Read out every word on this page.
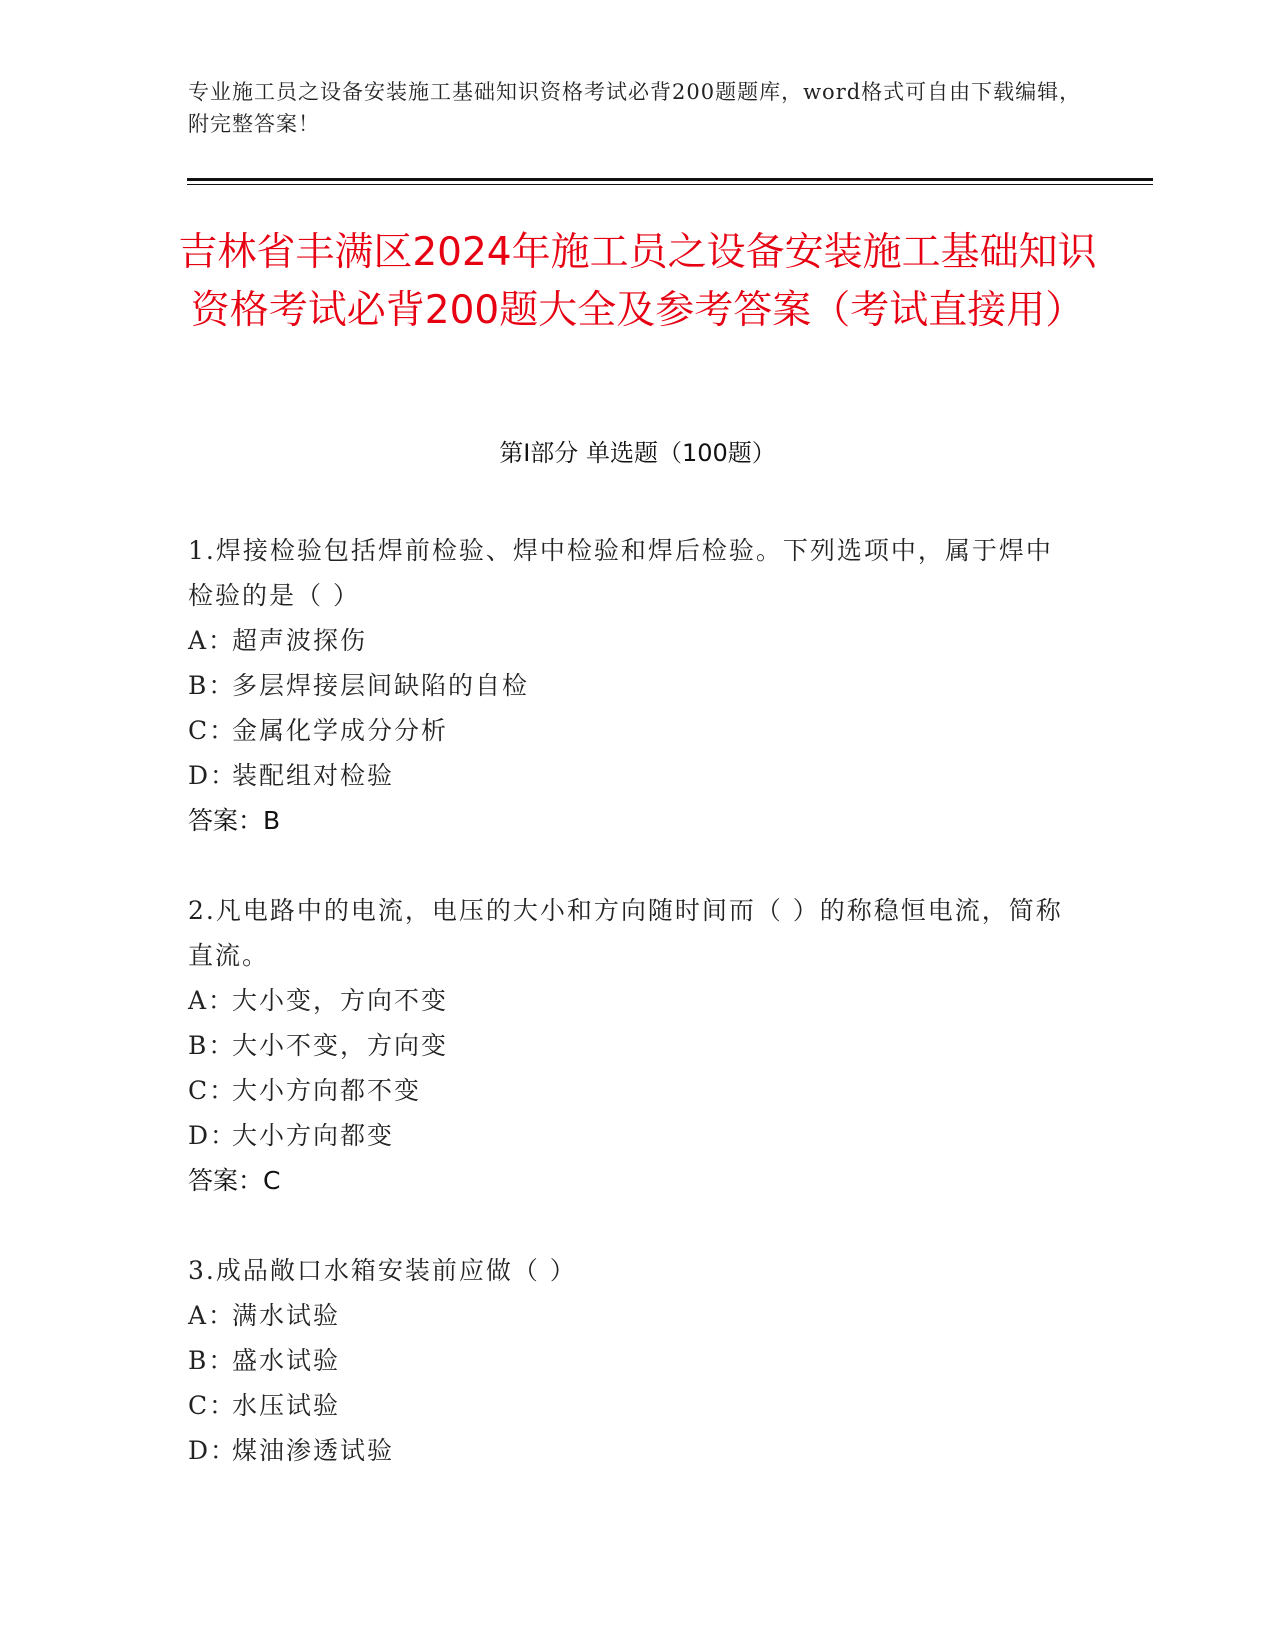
专业施工员之设备安装施工基础知识资格考试必背200题题库，word格式可自由下载编辑，附完整答案！
吉林省丰满区2024年施工员之设备安装施工基础知识资格考试必背200题大全及参考答案（考试直接用）
第Ⅰ部分 单选题（100题）
1.焊接检验包括焊前检验、焊中检验和焊后检验。下列选项中，属于焊中检验的是（ ）
A：超声波探伤
B：多层焊接层间缺陷的自检
C：金属化学成分分析
D：装配组对检验
答案：B
2.凡电路中的电流，电压的大小和方向随时间而（ ）的称稳恒电流，简称直流。
A：大小变，方向不变
B：大小不变，方向变
C：大小方向都不变
D：大小方向都变
答案：C
3.成品敞口水箱安装前应做（ ）
A：满水试验
B：盛水试验
C：水压试验
D：煤油渗透试验
